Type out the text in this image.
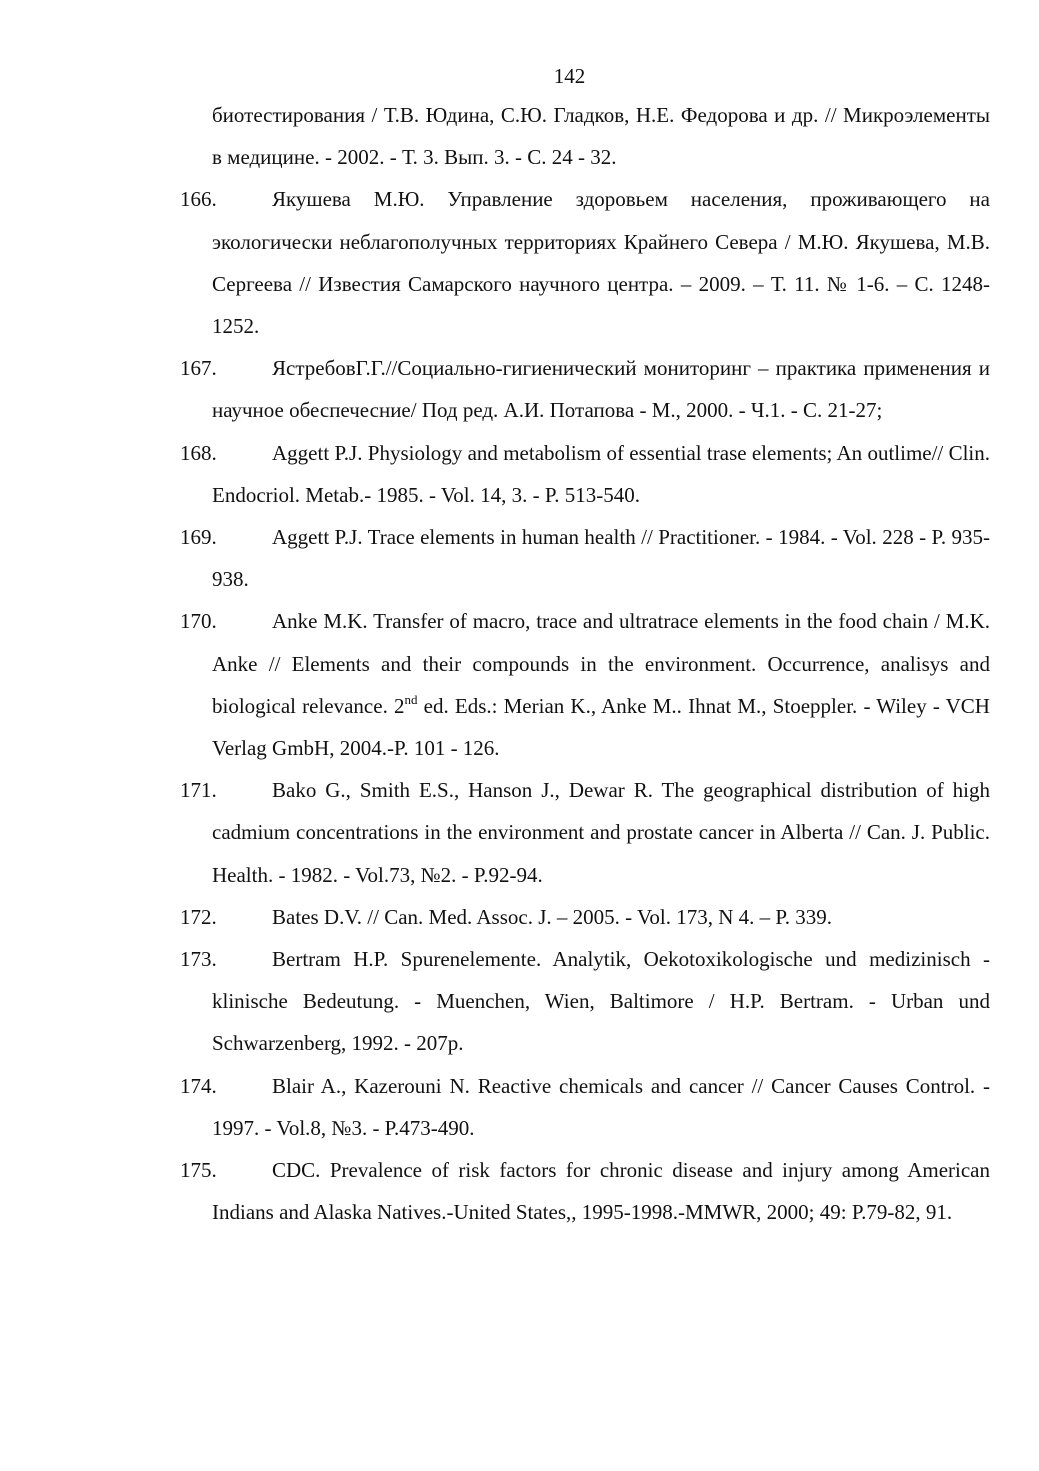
142
биотестирования / Т.В. Юдина, С.Ю. Гладков, Н.Е. Федорова и др. // Микроэлементы в медицине. - 2002. - Т. 3. Вып. 3. - С. 24 - 32.
166.	Якушева М.Ю. Управление здоровьем населения, проживающего на экологически неблагополучных территориях Крайнего Севера / М.Ю. Якушева, М.В. Сергеева // Известия Самарского научного центра. – 2009. – Т. 11. № 1-6. – С. 1248-1252.
167.	ЯстребовГ.Г.//Социально-гигиенический мониторинг – практика применения и научное обеспечесние/ Под ред. А.И. Потапова - М., 2000. - Ч.1. - С. 21-27;
168.	Aggett P.J. Physiology and metabolism of essential trase elements; An outlime// Clin. Endocriol. Metab.- 1985. - Vol. 14, 3. - P. 513-540.
169.	Aggett P.J. Trace elements in human health // Practitioner. - 1984. - Vol. 228 - P. 935-938.
170.	Anke M.K. Transfer of macro, trace and ultratrace elements in the food chain / M.K. Anke // Elements and their compounds in the environment. Occurrence, analisys and biological relevance. 2nd ed. Eds.: Merian K., Anke M.. Ihnat M., Stoeppler. - Wiley - VCH Verlag GmbH, 2004.-P. 101 - 126.
171.	Bako G., Smith E.S., Hanson J., Dewar R. The geographical distribution of high cadmium concentrations in the environment and prostate cancer in Alberta // Can. J. Public. Health. - 1982. - Vol.73, №2. - P.92-94.
172.	Bates D.V. // Can. Med. Assoc. J. – 2005. - Vol. 173, N 4. – P. 339.
173.	Bertram H.P. Spurenelemente. Analytik, Oekotoxikologische und medizinisch - klinische Bedeutung. - Muenchen, Wien, Baltimore / H.P. Bertram. - Urban und Schwarzenberg, 1992. - 207p.
174.	Blair A., Kazerouni N. Reactive chemicals and cancer // Cancer Causes Control. - 1997. - Vol.8, №3. - P.473-490.
175.	CDC. Prevalence of risk factors for chronic disease and injury among American Indians and Alaska Natives.-United States,, 1995-1998.-MMWR, 2000; 49: P.79-82, 91.
